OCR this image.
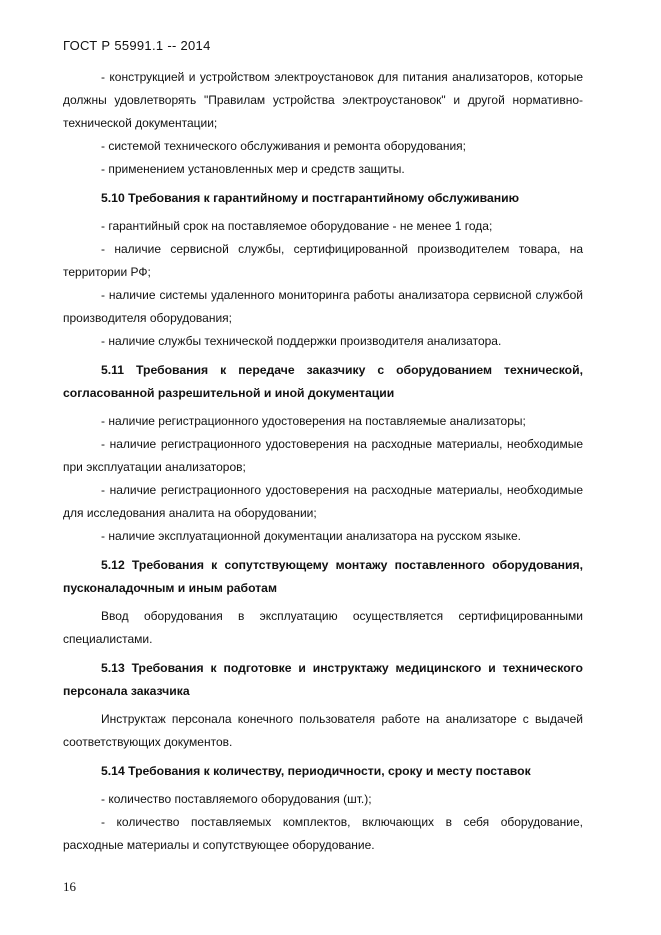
ГОСТ Р 55991.1 -- 2014

- конструкцией и устройством электроустановок для питания анализаторов, которые должны удовлетворять "Правилам устройства электроустановок" и другой нормативно-технической документации;

- системой технического обслуживания и ремонта оборудования;

- применением установленных мер и средств защиты.

5.10 Требования к гарантийному и постгарантийному обслуживанию

- гарантийный срок на поставляемое оборудование - не менее 1 года;

- наличие сервисной службы, сертифицированной производителем товара, на территории РФ;

- наличие системы удаленного мониторинга работы анализатора сервисной службой производителя оборудования;

- наличие службы технической поддержки производителя анализатора.

5.11 Требования к передаче заказчику с оборудованием технической, согласованной разрешительной и иной документации

- наличие регистрационного удостоверения на поставляемые анализаторы;

- наличие регистрационного удостоверения на расходные материалы, необходимые при эксплуатации анализаторов;

- наличие регистрационного удостоверения на расходные материалы, необходимые для исследования аналита на оборудовании;

- наличие эксплуатационной документации анализатора на русском языке.

5.12 Требования к сопутствующему монтажу поставленного оборудования, пусконаладочным и иным работам

Ввод оборудования в эксплуатацию осуществляется сертифицированными специалистами.

5.13 Требования к подготовке и инструктажу медицинского и технического персонала заказчика

Инструктаж персонала конечного пользователя работе на анализаторе с выдачей соответствующих документов.

5.14 Требования к количеству, периодичности, сроку и месту поставок

- количество поставляемого оборудования (шт.);

- количество поставляемых комплектов, включающих в себя оборудование, расходные материалы и сопутствующее оборудование.

16
